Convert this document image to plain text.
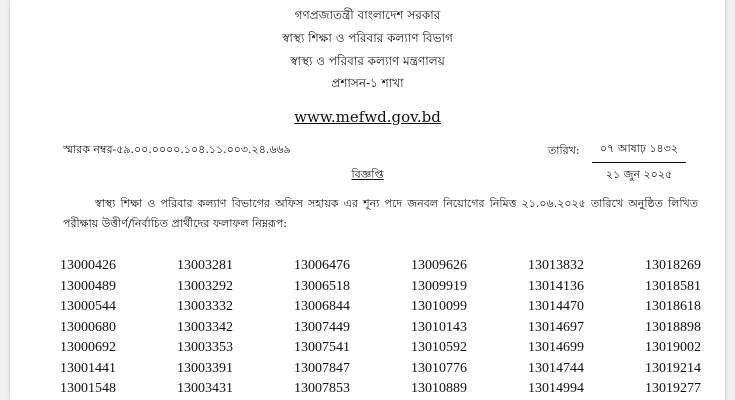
গণপ্রজাতন্ত্রী বাংলাদেশ সরকার
স্বাস্থ্য শিক্ষা ও পরিবার কল্যাণ বিভাগ
স্বাস্থ্য ও পরিবার কল্যাণ মন্ত্রণালয়
প্রশাসন-১ শাখা
www.mefwd.gov.bd
স্মারক নম্বর-৫৯.০০.০০০০.১০৪.১১.০০৩.২৪.৬৬৯	তারিখ:	০৭ আষাঢ় ১৪৩২
২১ জুন ২০২৫
বিজ্ঞপ্তি
স্বাস্থ্য শিক্ষা ও পরিবার কল্যাণ বিভাগের অফিস সহায়ক এর শূন্য পদে জনবল নিয়োগের নিমিত্ত ২১.০৬.২০২৫ তারিখে অনুষ্ঠিত লিখিত পরীক্ষায় উত্তীর্ণ/নির্বাচিত প্রার্থীদের ফলাফল নিম্নরূপ:
13000426	13003281	13006476	13009626	13013832	13018269
13000489	13003292	13006518	13009919	13014136	13018581
13000544	13003332	13006844	13010099	13014470	13018618
13000680	13003342	13007449	13010143	13014697	13018898
13000692	13003353	13007541	13010592	13014699	13019002
13001441	13003391	13007847	13010776	13014744	13019214
13001548	13003431	13007853	13010889	13014994	13019277
